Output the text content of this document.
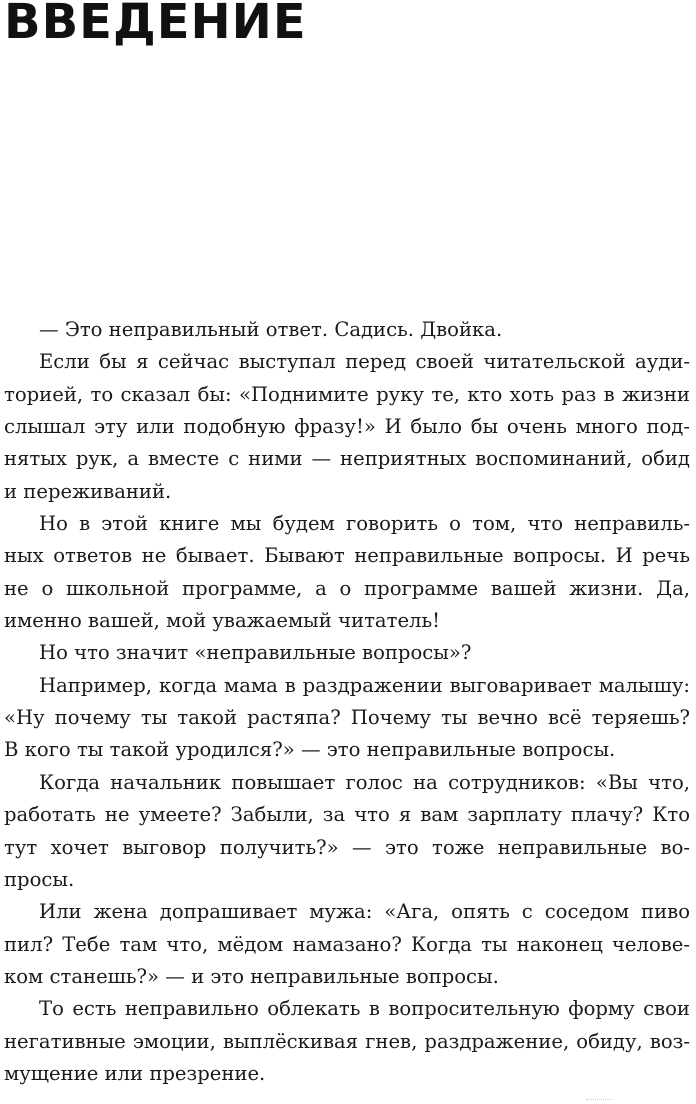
ВВЕДЕНИЕ
— Это неправильный ответ. Садись. Двойка.
Если бы я сейчас выступал перед своей читательской ауди-
торией, то сказал бы: «Поднимите руку те, кто хоть раз в жизни
слышал эту или подобную фразу!» И было бы очень много под-
нятых рук, а вместе с ними — неприятных воспоминаний, обид
и переживаний.
Но в этой книге мы будем говорить о том, что неправиль-
ных ответов не бывает. Бывают неправильные вопросы. И речь
не о школьной программе, а о программе вашей жизни. Да,
именно вашей, мой уважаемый читатель!
Но что значит «неправильные вопросы»?
Например, когда мама в раздражении выговаривает малышу:
«Ну почему ты такой растяпа? Почему ты вечно всё теряешь?
В кого ты такой уродился?» — это неправильные вопросы.
Когда начальник повышает голос на сотрудников: «Вы что,
работать не умеете? Забыли, за что я вам зарплату плачу? Кто
тут хочет выговор получить?» — это тоже неправильные во-
просы.
Или жена допрашивает мужа: «Ага, опять с соседом пиво
пил? Тебе там что, мёдом намазано? Когда ты наконец челове-
ком станешь?» — и это неправильные вопросы.
То есть неправильно облекать в вопросительную форму свои
негативные эмоции, выплёскивая гнев, раздражение, обиду, воз-
мущение или презрение.
